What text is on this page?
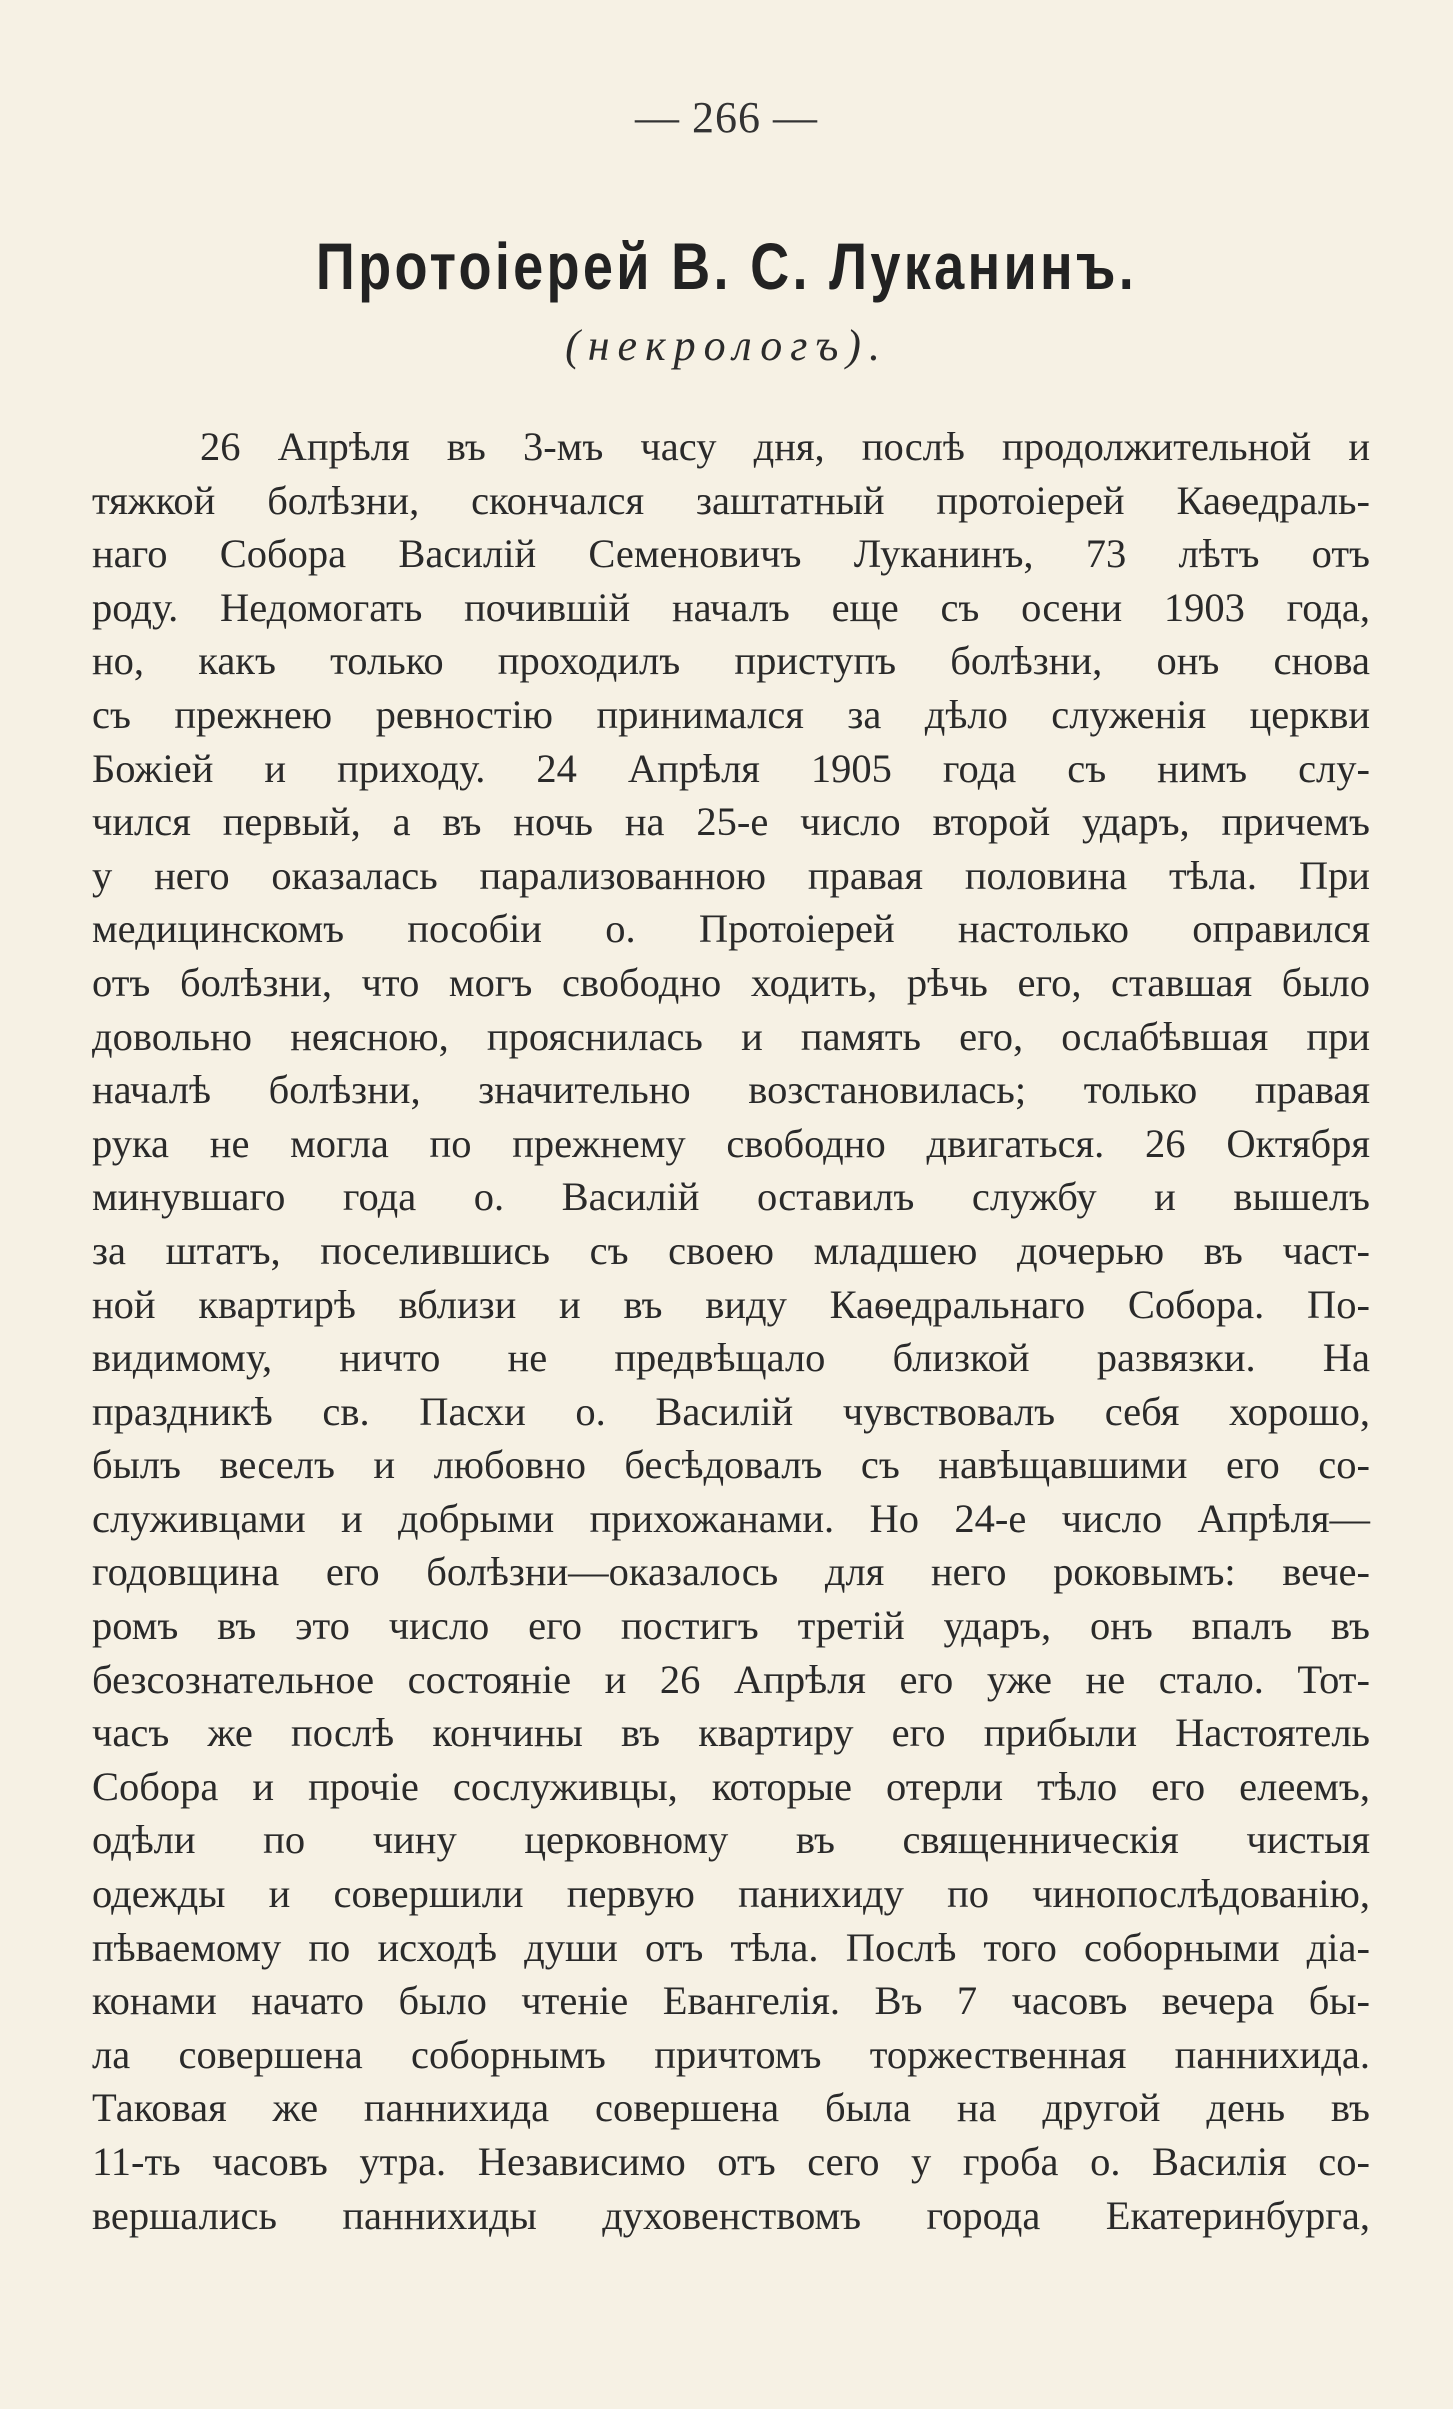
— 266 —
Протоіерей В. С. Луканинъ.
(некрологъ).
26 Апрѣля въ 3-мъ часу дня, послѣ продолжительной и
тяжкой болѣзни, скончался заштатный протоіерей Каѳедраль-
наго Собора Василій Семеновичъ Луканинъ, 73 лѣтъ отъ
роду. Недомогать почившій началъ еще съ осени 1903 года,
но, какъ только проходилъ приступъ болѣзни, онъ снова
съ прежнею ревностію принимался за дѣло служенія церкви
Божіей и приходу. 24 Апрѣля 1905 года съ нимъ слу-
чился первый, а въ ночь на 25-е число второй ударъ, причемъ
у него оказалась парализованною правая половина тѣла. При
медицинскомъ пособіи о. Протоіерей настолько оправился
отъ болѣзни, что могъ свободно ходить, рѣчь его, ставшая было
довольно неясною, прояснилась и память его, ослабѣвшая при
началѣ болѣзни, значительно возстановилась; только правая
рука не могла по прежнему свободно двигаться. 26 Октября
минувшаго года о. Василій оставилъ службу и вышелъ
за штатъ, поселившись съ своею младшею дочерью въ част-
ной квартирѣ вблизи и въ виду Каѳедральнаго Собора. По-
видимому, ничто не предвѣщало близкой развязки. На
праздникѣ св. Пасхи о. Василій чувствовалъ себя хорошо,
былъ веселъ и любовно бесѣдовалъ съ навѣщавшими его со-
служивцами и добрыми прихожанами. Но 24-е число Апрѣля—
годовщина его болѣзни—оказалось для него роковымъ: вече-
ромъ въ это число его постигъ третій ударъ, онъ впалъ въ
безсознательное состояніе и 26 Апрѣля его уже не стало. Тот-
часъ же послѣ кончины въ квартиру его прибыли Настоятель
Собора и прочіе сослуживцы, которые отерли тѣло его елеемъ,
одѣли по чину церковному въ священническія чистыя
одежды и совершили первую панихиду по чинопослѣдованію,
пѣваемому по исходѣ души отъ тѣла. Послѣ того соборными діа-
конами начато было чтеніе Евангелія. Въ 7 часовъ вечера бы-
ла совершена соборнымъ причтомъ торжественная паннихида.
Таковая же паннихида совершена была на другой день въ
11-ть часовъ утра. Независимо отъ сего у гроба о. Василія со-
вершались паннихиды духовенствомъ города Екатеринбурга,
